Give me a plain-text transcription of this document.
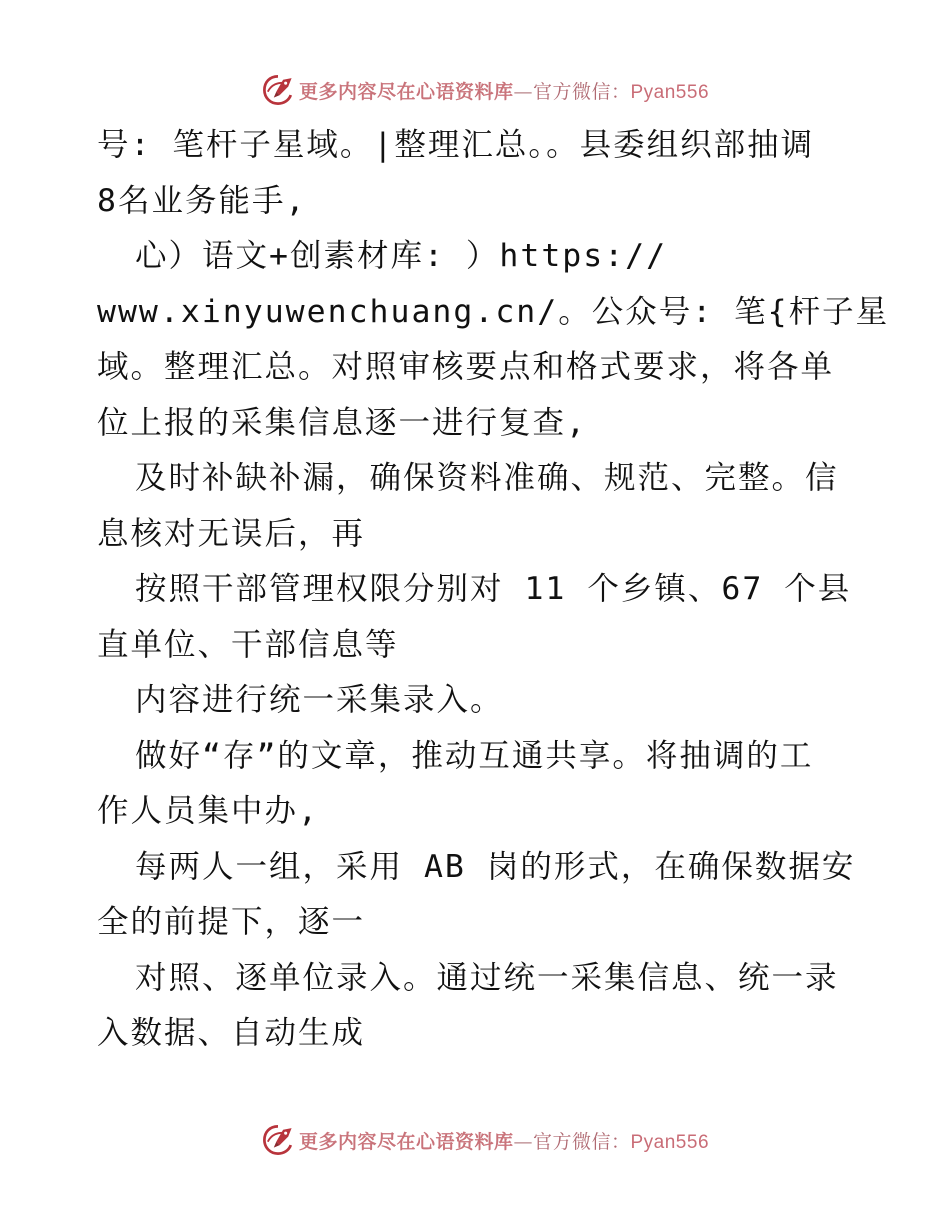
更多内容尽在心语资料库—官方微信：Pyan556
号: 笔杆子星域。|整理汇总。。县委组织部抽调
8名业务能手,
心）语文+创素材库: ）https://
www.xinyuwenchuang.cn/。公众号: 笔{杆子星
域。整理汇总。对照审核要点和格式要求，将各单
位上报的采集信息逐一进行复查,
及时补缺补漏，确保资料准确、规范、完整。信
息核对无误后，再
按照干部管理权限分别对 11 个乡镇、67 个县
直单位、干部信息等
内容进行统一采集录入。
做好“存”的文章，推动互通共享。将抽调的工
作人员集中办,
每两人一组，采用 AB 岗的形式，在确保数据安
全的前提下，逐一
对照、逐单位录入。通过统一采集信息、统一录
入数据、自动生成
更多内容尽在心语资料库—官方微信：Pyan556
